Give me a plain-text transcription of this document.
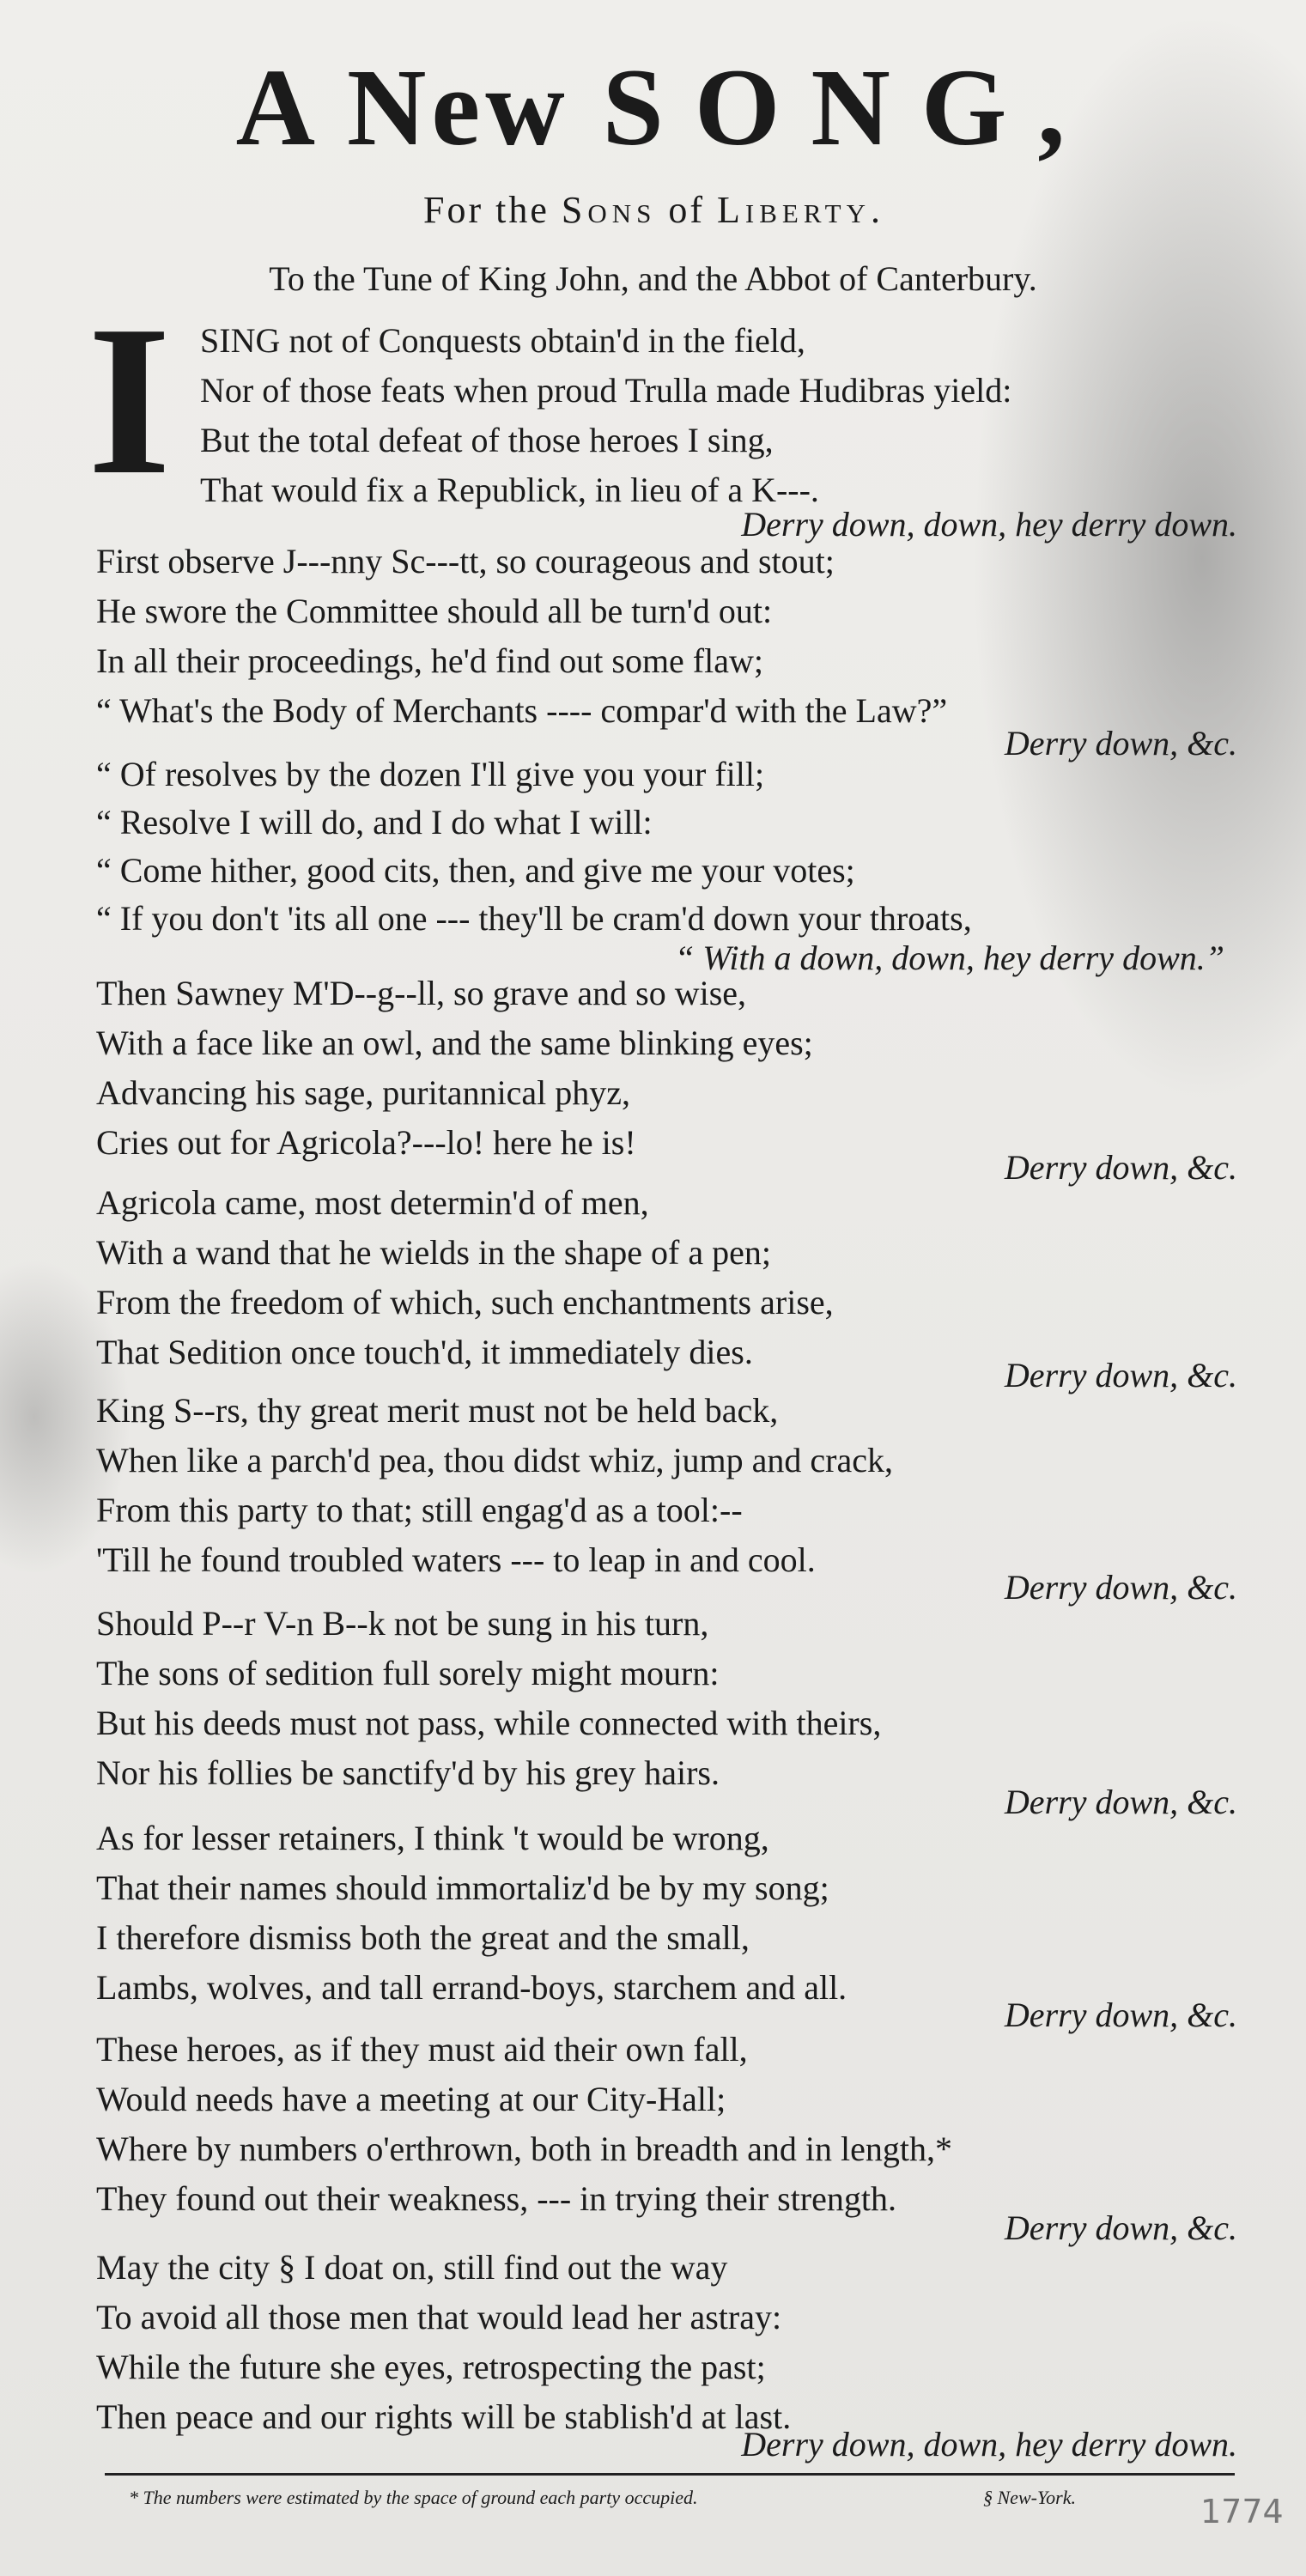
A New SONG,

For the Sons of Liberty.

To the Tune of King John, and the Abbot of Canterbury.

I SING not of Conquests obtain'd in the field,

Nor of those feats when proud Trulla made Hudibras yield:

But the total defeat of those heroes I sing,

That would fix a Republick, in lieu of a K---.

Derry down, down, hey derry down.

First observe J---nny Sc---tt, so courageous and stout;

He swore the Committee should all be turn'd out:

In all their proceedings, he'd find out some flaw;

“ What's the Body of Merchants ---- compar'd with the Law?”

Derry down, &c.

“ Of resolves by the dozen I'll give you your fill;

“ Resolve I will do, and I do what I will:

“ Come hither, good cits, then, and give me your votes;

“ If you don't 'its all one --- they'll be cram'd down your throats,

“ With a down, down, hey derry down.”

Then Sawney M'D--g--ll, so grave and so wise,

With a face like an owl, and the same blinking eyes;

Advancing his sage, puritannical phyz,

Cries out for Agricola?---lo! here he is!

Derry down, &c.

Agricola came, most determin'd of men,

With a wand that he wields in the shape of a pen;

From the freedom of which, such enchantments arise,

That Sedition once touch'd, it immediately dies.

Derry down, &c.

King S--rs, thy great merit must not be held back,

When like a parch'd pea, thou didst whiz, jump and crack,

From this party to that; still engag'd as a tool:--

'Till he found troubled waters --- to leap in and cool.

Derry down, &c.

Should P--r V-n B--k not be sung in his turn,

The sons of sedition full sorely might mourn:

But his deeds must not pass, while connected with theirs,

Nor his follies be sanctify'd by his grey hairs.

Derry down, &c.

As for lesser retainers, I think 't would be wrong,

That their names should immortaliz'd be by my song;

I therefore dismiss both the great and the small,

Lambs, wolves, and tall errand-boys, starchem and all.

Derry down, &c.

These heroes, as if they must aid their own fall,

Would needs have a meeting at our City-Hall;

Where by numbers o'erthrown, both in breadth and in length,*

They found out their weakness, --- in trying their strength.

Derry down, &c.

May the city § I doat on, still find out the way

To avoid all those men that would lead her astray:

While the future she eyes, retrospecting the past;

Then peace and our rights will be stablish'd at last.

Derry down, down, hey derry down.

* The numbers were estimated by the space of ground each party occupied.	§ New-York.	1774
